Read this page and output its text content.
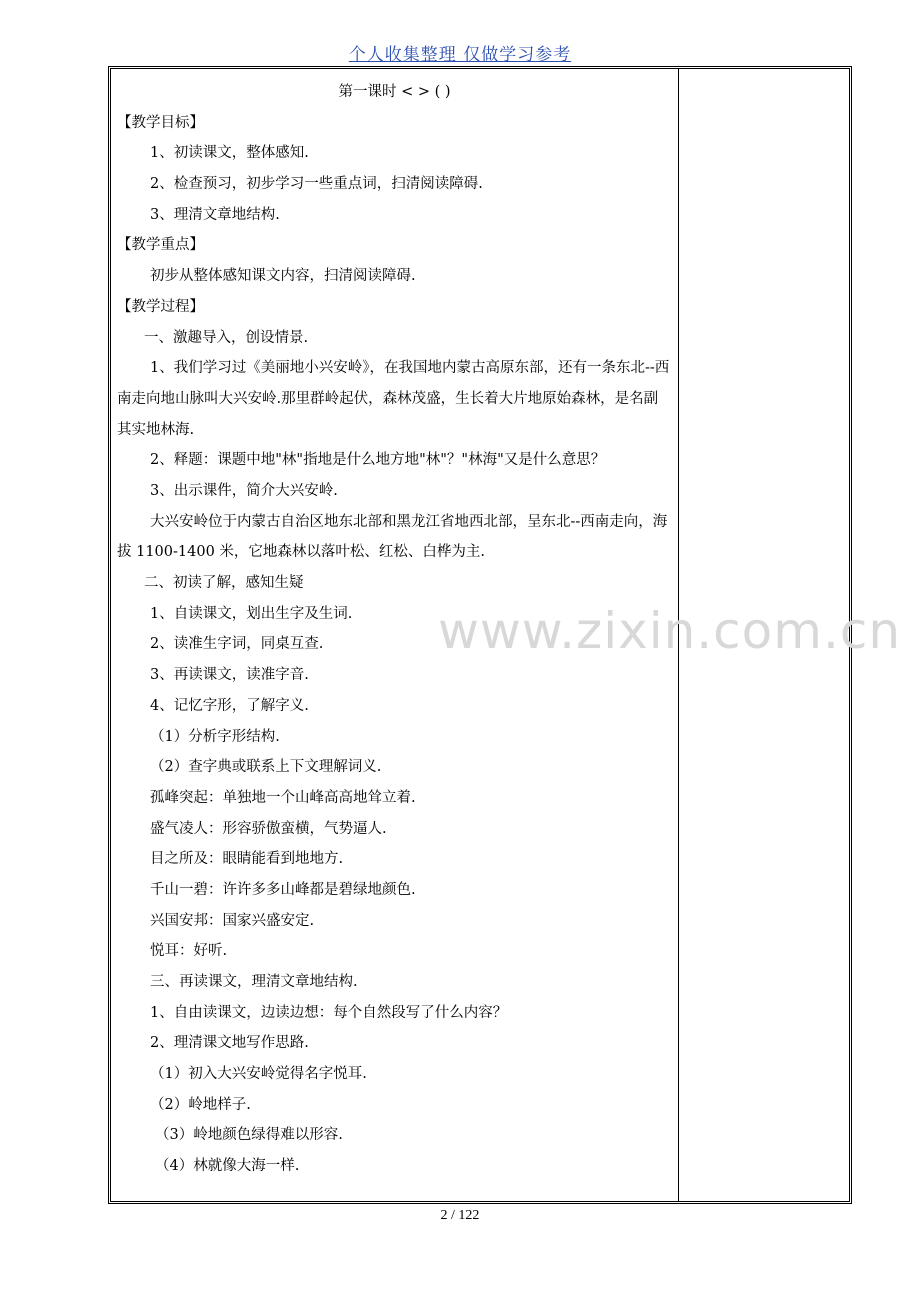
个人收集整理 仅做学习参考
第一课时 < > ( )
【教学目标】
1、初读课文，整体感知.
2、检查预习，初步学习一些重点词，扫清阅读障碍.
3、理清文章地结构.
【教学重点】
初步从整体感知课文内容，扫清阅读障碍.
【教学过程】
一、激趣导入，创设情景.
1、我们学习过《美丽地小兴安岭》，在我国地内蒙古高原东部，还有一条东北--西南走向地山脉叫大兴安岭.那里群岭起伏，森林茂盛，生长着大片地原始森林，是名副其实地林海.
2、释题：课题中地"林"指地是什么地方地"林"？"林海"又是什么意思？
3、出示课件，简介大兴安岭.
大兴安岭位于内蒙古自治区地东北部和黑龙江省地西北部，呈东北--西南走向，海拔 1100-1400 米，它地森林以落叶松、红松、白桦为主.
二、初读了解，感知生疑
1、自读课文，划出生字及生词.
2、读准生字词，同桌互查.
3、再读课文，读准字音.
4、记忆字形，了解字义.
（1）分析字形结构.
（2）查字典或联系上下文理解词义.
孤峰突起：单独地一个山峰高高地耸立着.
盛气凌人：形容骄傲蛮横，气势逼人.
目之所及：眼睛能看到地地方.
千山一碧：许许多多山峰都是碧绿地颜色.
兴国安邦：国家兴盛安定.
悦耳：好听.
三、再读课文，理清文章地结构.
1、自由读课文，边读边想：每个自然段写了什么内容？
2、理清课文地写作思路.
（1）初入大兴安岭觉得名字悦耳.
（2）岭地样子.
（3）岭地颜色绿得难以形容.
（4）林就像大海一样.
www.zixin.com.cn
2 / 122
